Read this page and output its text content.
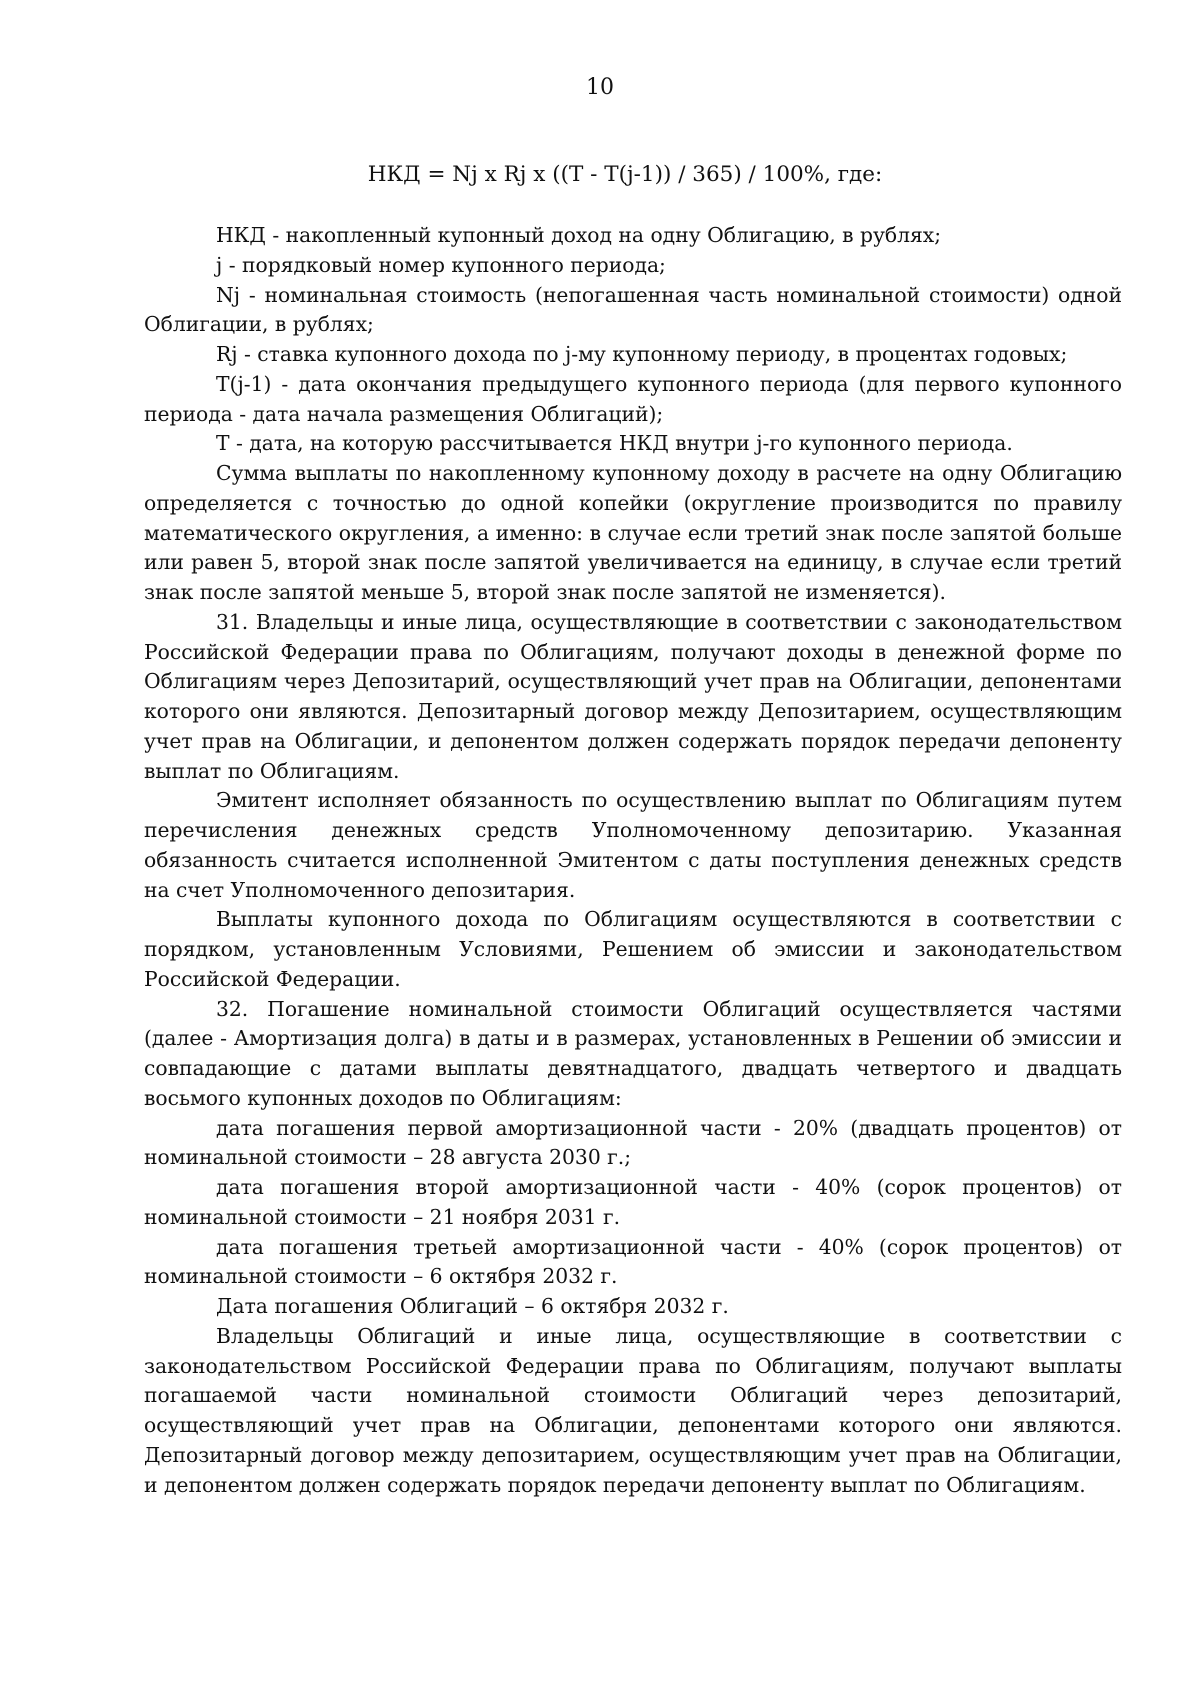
10
НКД = Nj x Rj x ((T - T(j-1)) / 365) / 100%, где:

НКД - накопленный купонный доход на одну Облигацию, в рублях;

j - порядковый номер купонного периода;

Nj - номинальная стоимость (непогашенная часть номинальной стоимости) одной Облигации, в рублях;

Rj - ставка купонного дохода по j-му купонному периоду, в процентах годовых;

T(j-1) - дата окончания предыдущего купонного периода (для первого купонного периода - дата начала размещения Облигаций);

Т - дата, на которую рассчитывается НКД внутри j-го купонного периода.

Сумма выплаты по накопленному купонному доходу в расчете на одну Облигацию определяется с точностью до одной копейки (округление производится по правилу математического округления, а именно: в случае если третий знак после запятой больше или равен 5, второй знак после запятой увеличивается на единицу, в случае если третий знак после запятой меньше 5, второй знак после запятой не изменяется).

31. Владельцы и иные лица, осуществляющие в соответствии с законодательством Российской Федерации права по Облигациям, получают доходы в денежной форме по Облигациям через Депозитарий, осуществляющий учет прав на Облигации, депонентами которого они являются. Депозитарный договор между Депозитарием, осуществляющим учет прав на Облигации, и депонентом должен содержать порядок передачи депоненту выплат по Облигациям.

Эмитент исполняет обязанность по осуществлению выплат по Облигациям путем перечисления денежных средств Уполномоченному депозитарию. Указанная обязанность считается исполненной Эмитентом с даты поступления денежных средств на счет Уполномоченного депозитария.

Выплаты купонного дохода по Облигациям осуществляются в соответствии с порядком, установленным Условиями, Решением об эмиссии и законодательством Российской Федерации.

32. Погашение номинальной стоимости Облигаций осуществляется частями (далее - Амортизация долга) в даты и в размерах, установленных в Решении об эмиссии и совпадающие с датами выплаты девятнадцатого, двадцать четвертого и двадцать восьмого купонных доходов по Облигациям:

дата погашения первой амортизационной части - 20% (двадцать процентов) от номинальной стоимости – 28 августа 2030 г.;

дата погашения второй амортизационной части - 40% (сорок процентов) от номинальной стоимости – 21 ноября 2031 г.

дата погашения третьей амортизационной части - 40% (сорок процентов) от номинальной стоимости – 6 октября 2032 г.

Дата погашения Облигаций – 6 октября 2032 г.

Владельцы Облигаций и иные лица, осуществляющие в соответствии с законодательством Российской Федерации права по Облигациям, получают выплаты погашаемой части номинальной стоимости Облигаций через депозитарий, осуществляющий учет прав на Облигации, депонентами которого они являются. Депозитарный договор между депозитарием, осуществляющим учет прав на Облигации, и депонентом должен содержать порядок передачи депоненту выплат по Облигациям.
